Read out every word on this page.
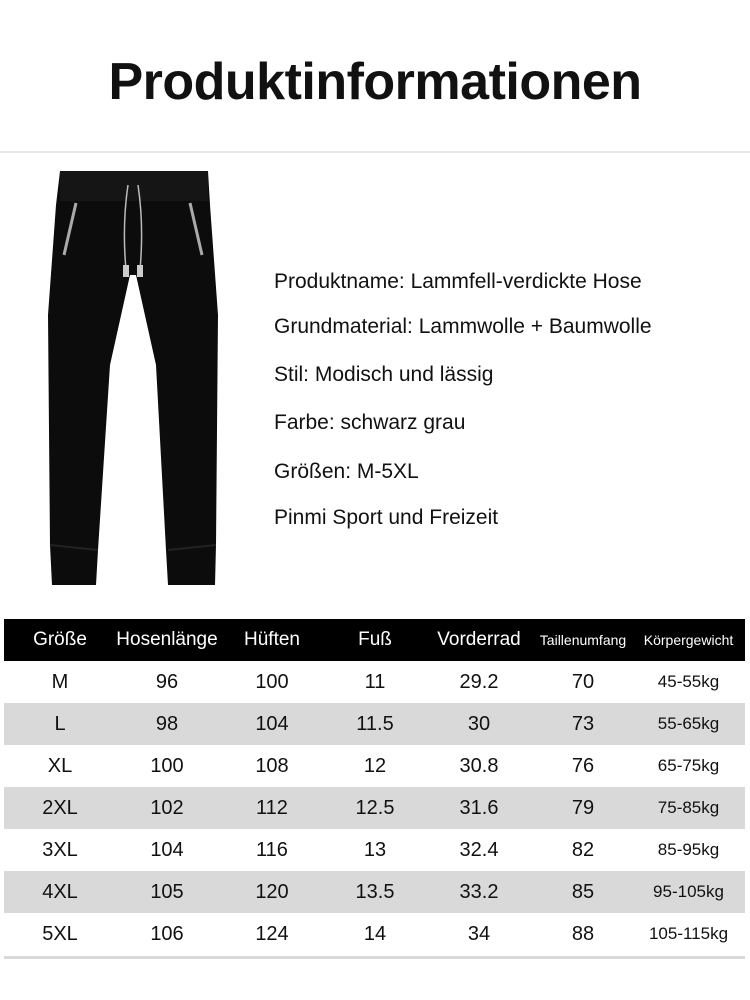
Produktinformationen
Produktname: Lammfell-verdickte Hose
Grundmaterial: Lammwolle + Baumwolle
Stil: Modisch und lässig
Farbe: schwarz grau
Größen: M-5XL
Pinmi Sport und Freizeit
Größe	Hosenlänge	Hüften	Fuß	Vorderrad	Taillenumfang	Körpergewicht
M	96	100	11	29.2	70	45-55kg
L	98	104	11.5	30	73	55-65kg
XL	100	108	12	30.8	76	65-75kg
2XL	102	112	12.5	31.6	79	75-85kg
3XL	104	116	13	32.4	82	85-95kg
4XL	105	120	13.5	33.2	85	95-105kg
5XL	106	124	14	34	88	105-115kg
